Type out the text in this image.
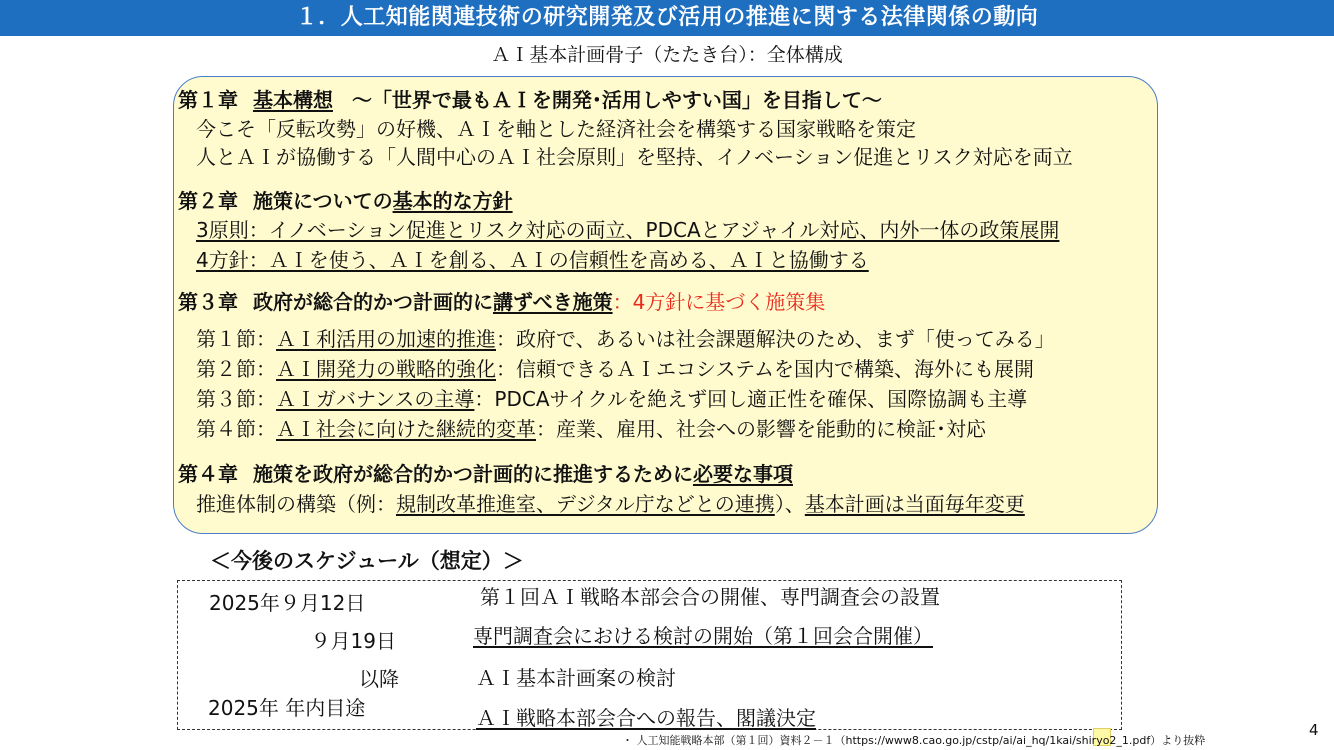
１．人工知能関連技術の研究開発及び活用の推進に関する法律関係の動向
ＡＩ基本計画骨子（たたき台）：全体構成
第１章 基本構想 ～「世界で最もＡＩを開発･活用しやすい国」を目指して～
今こそ「反転攻勢」の好機、ＡＩを軸とした経済社会を構築する国家戦略を策定
人とＡＩが協働する「人間中心のＡＩ社会原則」を堅持、イノベーション促進とリスク対応を両立
第２章 施策についての基本的な方針
3原則：イノベーション促進とリスク対応の両立、PDCAとアジャイル対応、内外一体の政策展開
4方針：ＡＩを使う、ＡＩを創る、ＡＩの信頼性を高める、ＡＩと協働する
第３章 政府が総合的かつ計画的に講ずべき施策：4方針に基づく施策集
第１節：ＡＩ利活用の加速的推進：政府で、あるいは社会課題解決のため、まず「使ってみる」
第２節：ＡＩ開発力の戦略的強化：信頼できるＡＩエコシステムを国内で構築、海外にも展開
第３節：ＡＩガバナンスの主導：PDCAサイクルを絶えず回し適正性を確保、国際協調も主導
第４節：ＡＩ社会に向けた継続的変革：産業、雇用、社会への影響を能動的に検証･対応
第４章 施策を政府が総合的かつ計画的に推進するために必要な事項
推進体制の構築（例：規制改革推進室、デジタル庁などとの連携）、基本計画は当面毎年変更
＜今後のスケジュール（想定）＞
2025年９月12日	第１回ＡＩ戦略本部会合の開催、専門調査会の設置
９月19日	専門調査会における検討の開始（第１回会合開催）
以降	ＡＩ基本計画案の検討
2025年 年内目途	ＡＩ戦略本部会合への報告、閣議決定
・ 人工知能戦略本部（第１回）資料２－１（https://www8.cao.go.jp/cstp/ai/ai_hq/1kai/shiryo2_1.pdf）より抜粋
4
